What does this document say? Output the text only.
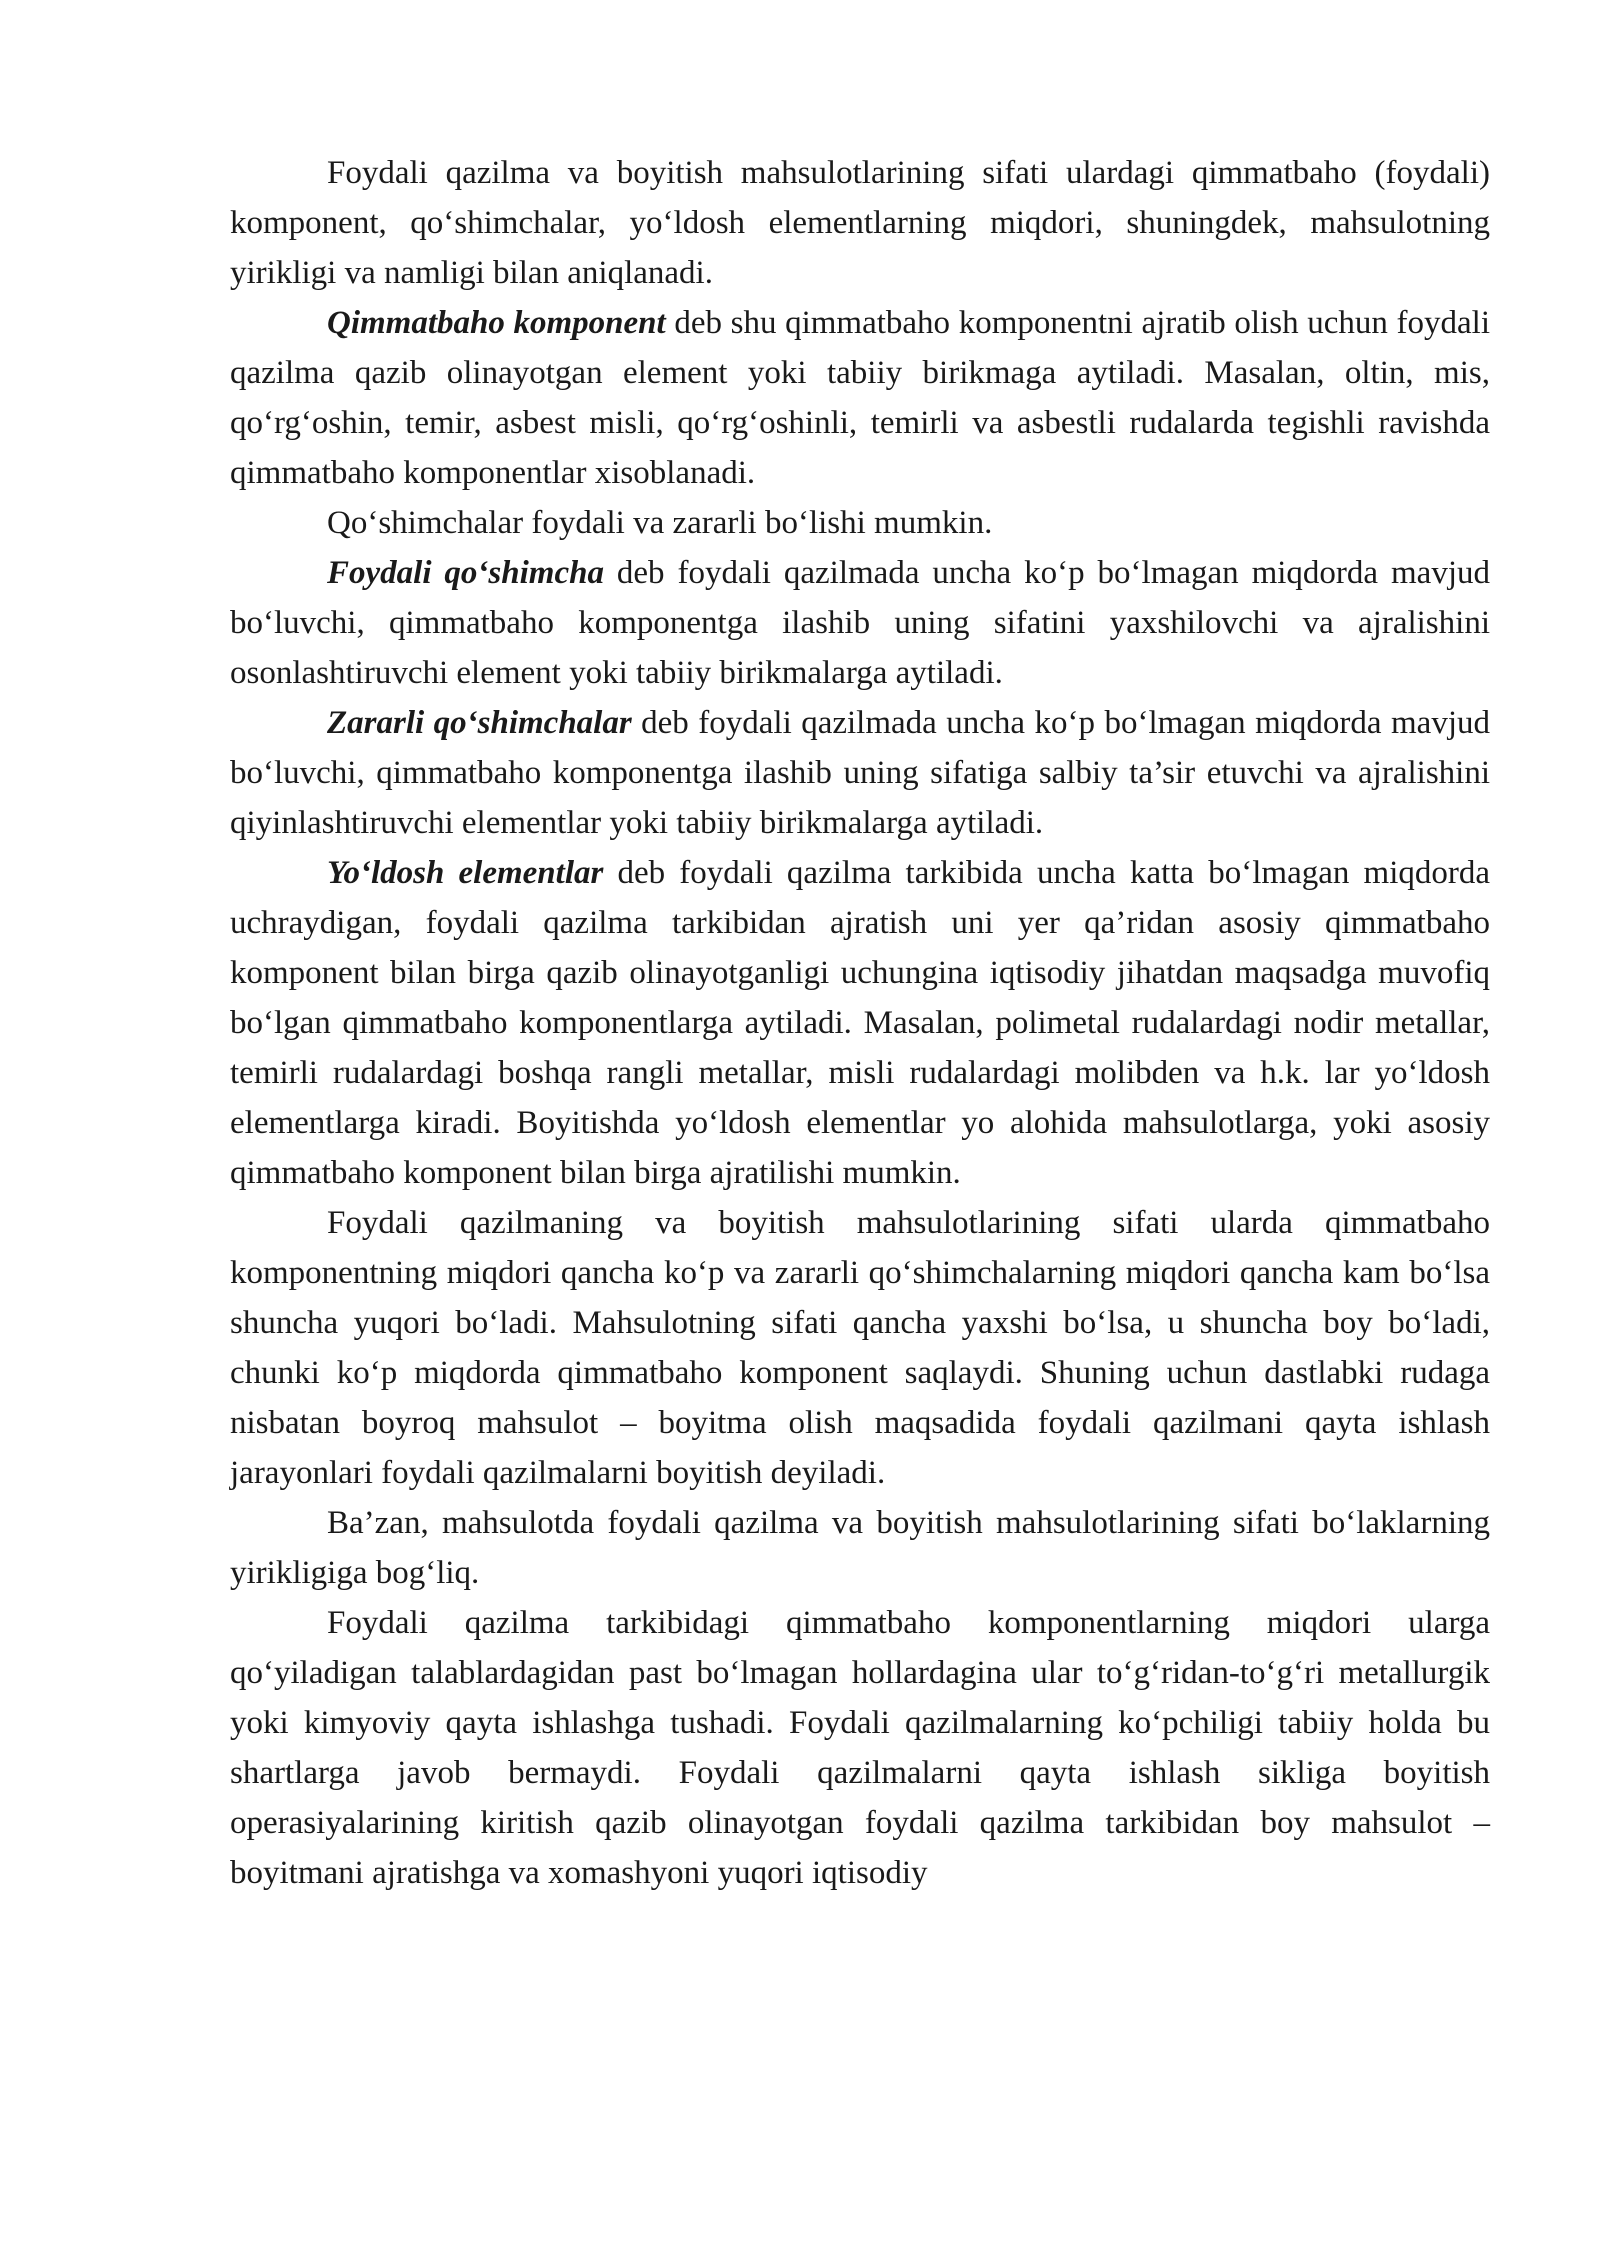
Foydali qazilma va boyitish mahsulotlarining sifati ulardagi qimmatbaho (foydali) komponent, qo‘shimchalar, yo‘ldosh elementlarning miqdori, shuningdek, mahsulotning yirikligi va namligi bilan aniqlanadi.

Qimmatbaho komponent deb shu qimmatbaho komponentni ajratib olish uchun foydali qazilma qazib olinayotgan element yoki tabiiy birikmaga aytiladi. Masalan, oltin, mis, qo‘rg‘oshin, temir, asbest misli, qo‘rg‘oshinli, temirli va asbestli rudalarda tegishli ravishda qimmatbaho komponentlar xisoblanadi.

Qo‘shimchalar foydali va zararli bo‘lishi mumkin.

Foydali qo‘shimcha deb foydali qazilmada uncha ko‘p bo‘lmagan miqdorda mavjud bo‘luvchi, qimmatbaho komponentga ilashib uning sifatini yaxshilovchi va ajralishini osonlashtiruvchi element yoki tabiiy birikmalarga aytiladi.

Zararli qo‘shimchalar deb foydali qazilmada uncha ko‘p bo‘lmagan miqdorda mavjud bo‘luvchi, qimmatbaho komponentga ilashib uning sifatiga salbiy ta’sir etuvchi va ajralishini qiyinlashtiruvchi elementlar yoki tabiiy birikmalarga aytiladi.

Yo‘ldosh elementlar deb foydali qazilma tarkibida uncha katta bo‘lmagan miqdorda uchraydigan, foydali qazilma tarkibidan ajratish uni yer qa’ridan asosiy qimmatbaho komponent bilan birga qazib olinayotganligi uchungina iqtisodiy jihatdan maqsadga muvofiq bo‘lgan qimmatbaho komponentlarga aytiladi. Masalan, polimetal rudalardagi nodir metallar, temirli rudalardagi boshqa rangli metallar, misli rudalardagi molibden va h.k. lar yo‘ldosh elementlarga kiradi. Boyitishda yo‘ldosh elementlar yo alohida mahsulotlarga, yoki asosiy qimmatbaho komponent bilan birga ajratilishi mumkin.

Foydali qazilmaning va boyitish mahsulotlarining sifati ularda qimmatbaho komponentning miqdori qancha ko‘p va zararli qo‘shimchalarning miqdori qancha kam bo‘lsa shuncha yuqori bo‘ladi. Mahsulotning sifati qancha yaxshi bo‘lsa, u shuncha boy bo‘ladi, chunki ko‘p miqdorda qimmatbaho komponent saqlaydi. Shuning uchun dastlabki rudaga nisbatan boyroq mahsulot – boyitma olish maqsadida foydali qazilmani qayta ishlash jarayonlari foydali qazilmalarni boyitish deyiladi.

Ba’zan, mahsulotda foydali qazilma va boyitish mahsulotlarining sifati bo‘laklarning yirikligiga bog‘liq.

Foydali qazilma tarkibidagi qimmatbaho komponentlarning miqdori ularga qo‘yiladigan talablardagidan past bo‘lmagan hollardagina ular to‘g‘ridan-to‘g‘ri metallurgik yoki kimyoviy qayta ishlashga tushadi. Foydali qazilmalarning ko‘pchiligi tabiiy holda bu shartlarga javob bermaydi. Foydali qazilmalarni qayta ishlash sikliga boyitish operasiyalarining kiritish qazib olinayotgan foydali qazilma tarkibidan boy mahsulot – boyitmani ajratishga va xomashyoni yuqori iqtisodiy
